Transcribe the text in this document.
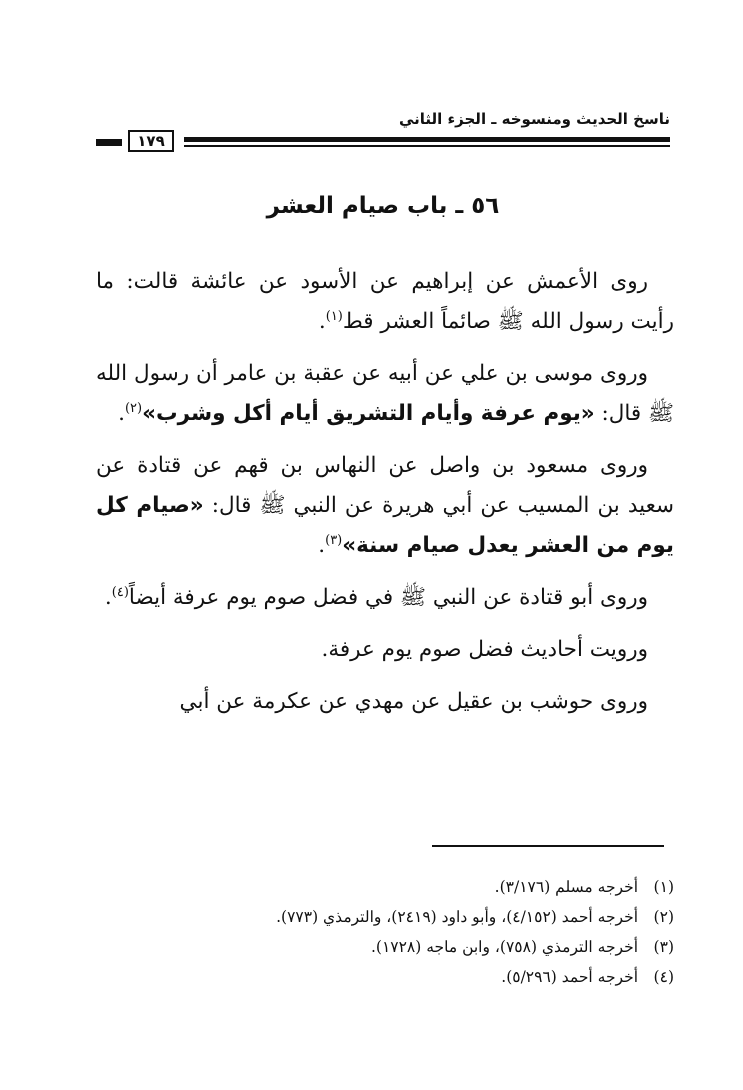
ناسخ الحديث ومنسوخه ـ الجزء الثاني
١٧٩
٥٦ ـ باب صيام العشر

روى الأعمش عن إبراهيم عن الأسود عن عائشة قالت: ما رأيت رسول الله ﷺ صائماً العشر قط$^{(١)}$.

وروى موسى بن علي عن أبيه عن عقبة بن عامر أن رسول الله ﷺ قال: «يوم عرفة وأيام التشريق أيام أكل وشرب»$^{(٢)}$.

وروى مسعود بن واصل عن النهاس بن قهم عن قتادة عن سعيد بن المسيب عن أبي هريرة عن النبي ﷺ قال: «صيام كل يوم من العشر يعدل صيام سنة»$^{(٣)}$.

وروى أبو قتادة عن النبي ﷺ في فضل صوم يوم عرفة أيضاً$^{(٤)}$.

ورويت أحاديث فضل صوم يوم عرفة.

وروى حوشب بن عقيل عن مهدي عن عكرمة عن أبي

(١)أخرجه مسلم (٣/١٧٦).
(٢)أخرجه أحمد (٤/١٥٢)، وأبو داود (٢٤١٩)، والترمذي (٧٧٣).
(٣)أخرجه الترمذي (٧٥٨)، وابن ماجه (١٧٢٨).
(٤)أخرجه أحمد (٥/٢٩٦).
